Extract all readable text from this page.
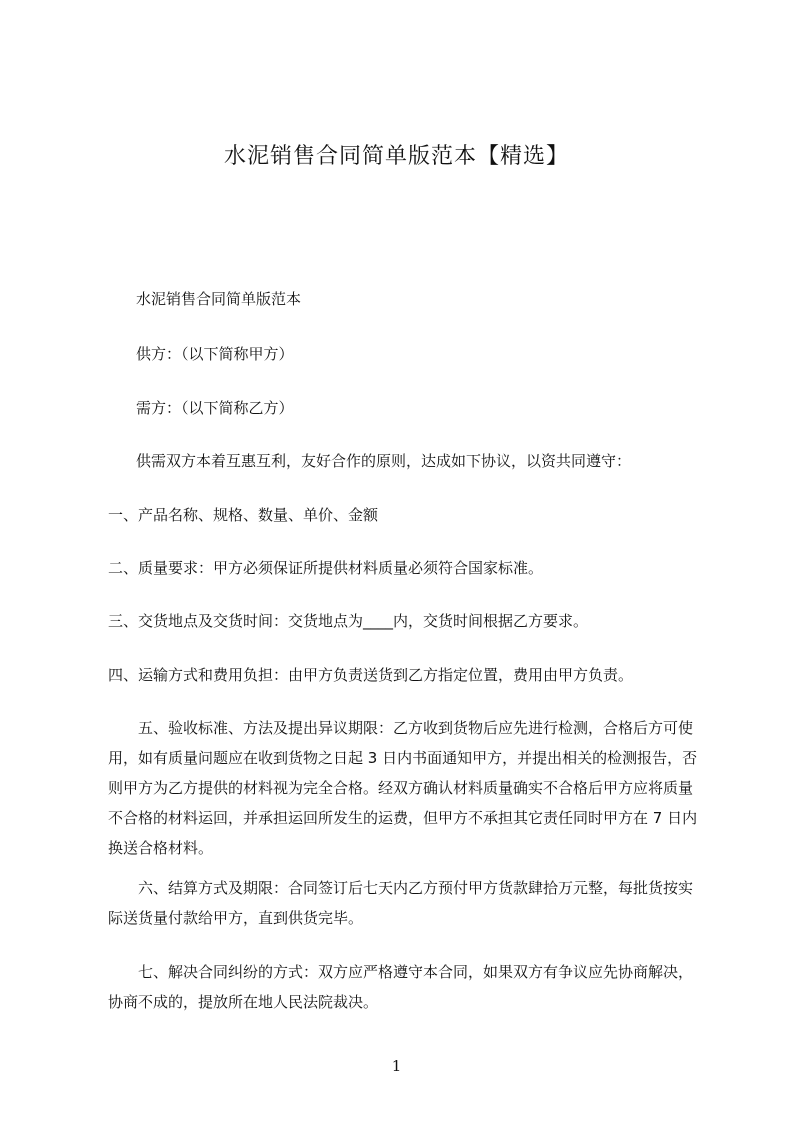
水泥销售合同简单版范本【精选】

水泥销售合同简单版范本

供方：（以下简称甲方）

需方：（以下简称乙方）

供需双方本着互惠互利，友好合作的原则，达成如下协议，以资共同遵守：

一、产品名称、规格、数量、单价、金额

二、质量要求：甲方必须保证所提供材料质量必须符合国家标准。

三、交货地点及交货时间：交货地点为____内，交货时间根据乙方要求。

四、运输方式和费用负担：由甲方负责送货到乙方指定位置，费用由甲方负责。

五、验收标准、方法及提出异议期限：乙方收到货物后应先进行检测，合格后方可使用，如有质量问题应在收到货物之日起 3 日内书面通知甲方，并提出相关的检测报告，否则甲方为乙方提供的材料视为完全合格。经双方确认材料质量确实不合格后甲方应将质量不合格的材料运回，并承担运回所发生的运费，但甲方不承担其它责任同时甲方在 7 日内换送合格材料。

六、结算方式及期限：合同签订后七天内乙方预付甲方货款肆拾万元整，每批货按实际送货量付款给甲方，直到供货完毕。

七、解决合同纠纷的方式：双方应严格遵守本合同，如果双方有争议应先协商解决，协商不成的，提放所在地人民法院裁决。

1
